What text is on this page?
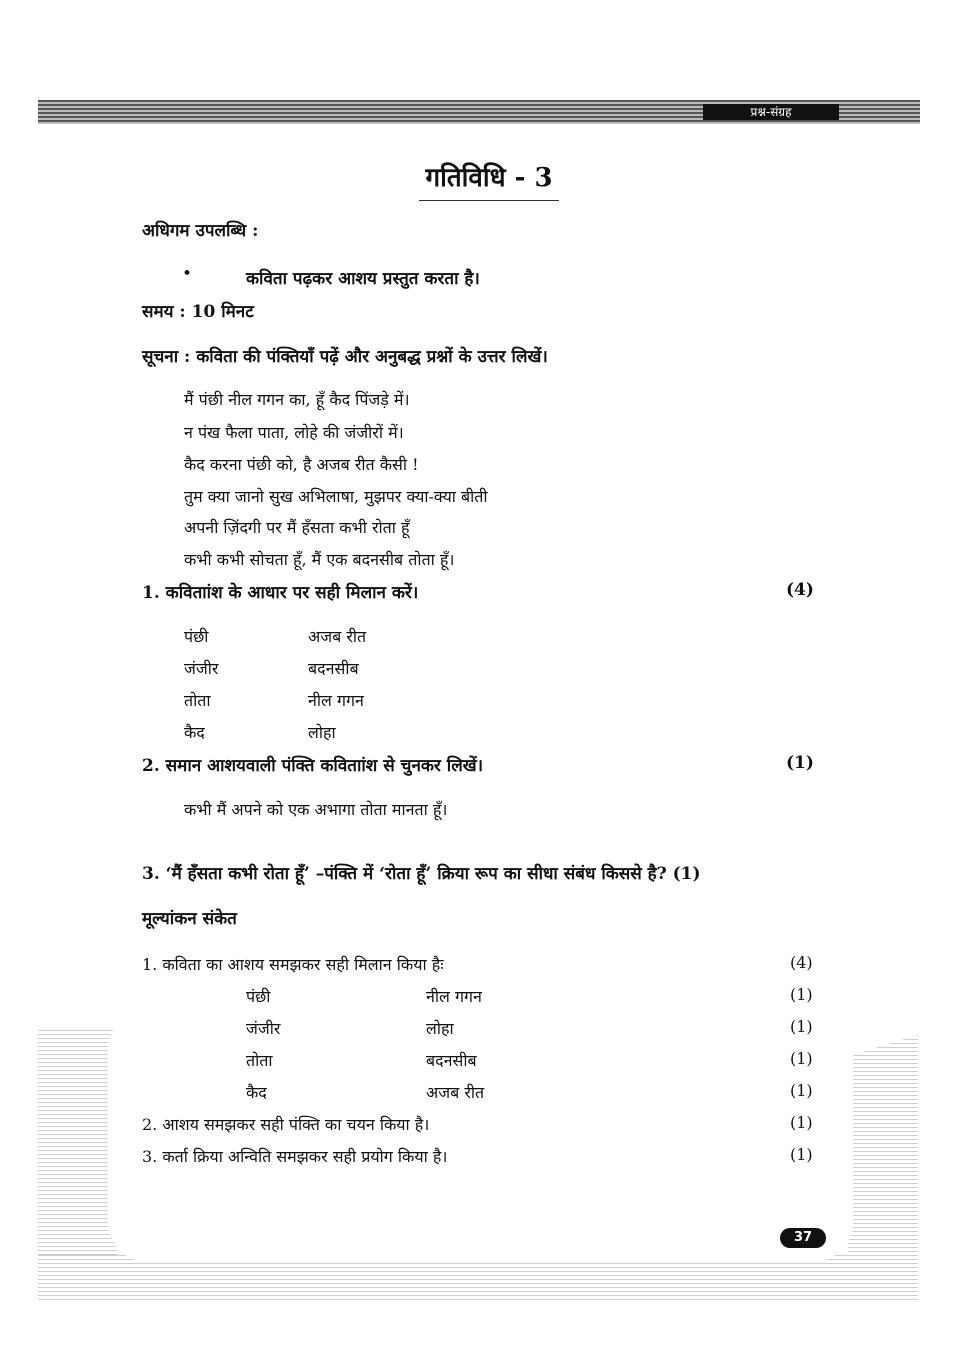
प्रश्न-संग्रह
गतिविधि - 3
अधिगम उपलब्धि :
•	कविता पढ़कर आशय प्रस्तुत करता है।
समय : 10 मिनट
सूचना : कविता की पंक्तियाँ पढ़ें और अनुबद्ध प्रश्नों के उत्तर लिखें।
मैं पंछी नील गगन का, हूँ कैद पिंजड़े में।
न पंख फैला पाता, लोहे की जंजीरों में।
कैद करना पंछी को, है अजब रीत कैसी !
तुम क्या जानो सुख अभिलाषा, मुझपर क्या-क्या बीती
अपनी ज़िंदगी पर मैं हँसता कभी रोता हूँ
कभी कभी सोचता हूँ, मैं एक बदनसीब तोता हूँ।
1. कविताांश के आधार पर सही मिलान करें।	(4)
पंछी	अजब रीत
जंजीर	बदनसीब
तोता	नील गगन
कैद	लोहा
2. समान आशयवाली पंक्ति कविताांश से चुनकर लिखें।	(1)
कभी मैं अपने को एक अभागा तोता मानता हूँ।
3. ‘मैं हँसता कभी रोता हूँ’ –पंक्ति में ‘रोता हूँ’ क्रिया रूप का सीधा संबंध किससे है? (1)
मूल्यांकन संकेत
1. कविता का आशय समझकर सही मिलान किया हैः	(4)
पंछी	नील गगन	(1)
जंजीर	लोहा	(1)
तोता	बदनसीब	(1)
कैद	अजब रीत	(1)
2. आशय समझकर सही पंक्ति का चयन किया है।	(1)
3. कर्ता क्रिया अन्विति समझकर सही प्रयोग किया है।	(1)
37
